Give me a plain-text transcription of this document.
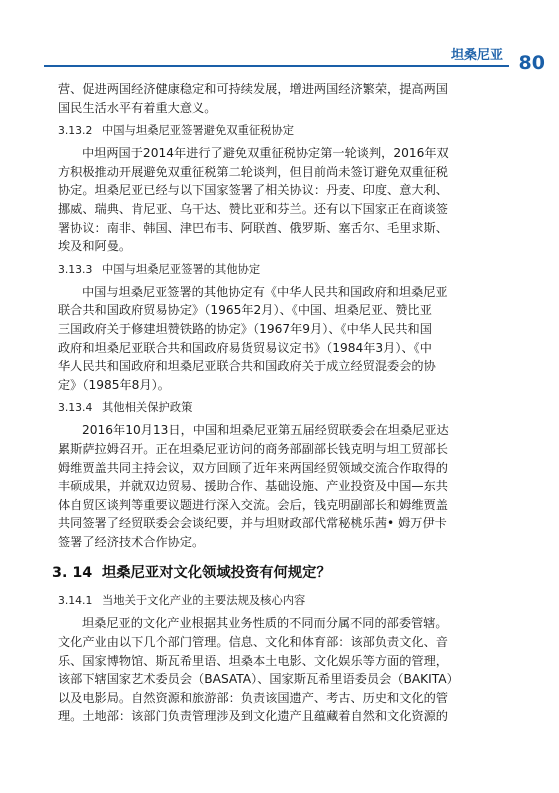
坦桑尼亚 80

营、促进两国经济健康稳定和可持续发展，增进两国经济繁荣，提高两国
国民生活水平有着重大意义。

3.13.2 中国与坦桑尼亚签署避免双重征税协定

中坦两国于2014年进行了避免双重征税协定第一轮谈判，2016年双
方积极推动开展避免双重征税第二轮谈判，但目前尚未签订避免双重征税
协定。坦桑尼亚已经与以下国家签署了相关协议：丹麦、印度、意大利、
挪威、瑞典、肯尼亚、乌干达、赞比亚和芬兰。还有以下国家正在商谈签
署协议：南非、韩国、津巴布韦、阿联酋、俄罗斯、塞舌尔、毛里求斯、
埃及和阿曼。

3.13.3 中国与坦桑尼亚签署的其他协定

中国与坦桑尼亚签署的其他协定有《中华人民共和国政府和坦桑尼亚
联合共和国政府贸易协定》（1965年2月）、《中国、坦桑尼亚、赞比亚
三国政府关于修建坦赞铁路的协定》（1967年9月）、《中华人民共和国
政府和坦桑尼亚联合共和国政府易货贸易议定书》（1984年3月）、《中
华人民共和国政府和坦桑尼亚联合共和国政府关于成立经贸混委会的协
定》（1985年8月）。

3.13.4 其他相关保护政策

2016年10月13日，中国和坦桑尼亚第五届经贸联委会在坦桑尼亚达
累斯萨拉姆召开。正在坦桑尼亚访问的商务部副部长钱克明与坦工贸部长
姆维贾盖共同主持会议，双方回顾了近年来两国经贸领域交流合作取得的
丰硕成果，并就双边贸易、援助合作、基础设施、产业投资及中国—东共
体自贸区谈判等重要议题进行深入交流。会后，钱克明副部长和姆维贾盖
共同签署了经贸联委会会谈纪要，并与坦财政部代常秘桃乐茜• 姆万伊卡
签署了经济技术合作协定。

3. 14 坦桑尼亚对文化领域投资有何规定？
3.14.1 当地关于文化产业的主要法规及核心内容

坦桑尼亚的文化产业根据其业务性质的不同而分属不同的部委管辖。
文化产业由以下几个部门管理。信息、文化和体育部：该部负责文化、音
乐、国家博物馆、斯瓦希里语、坦桑本土电影、文化娱乐等方面的管理，
该部下辖国家艺术委员会（BASATA）、国家斯瓦希里语委员会（BAKITA）
以及电影局。自然资源和旅游部：负责该国遗产、考古、历史和文化的管
理。土地部：该部门负责管理涉及到文化遗产且蕴藏着自然和文化资源的
